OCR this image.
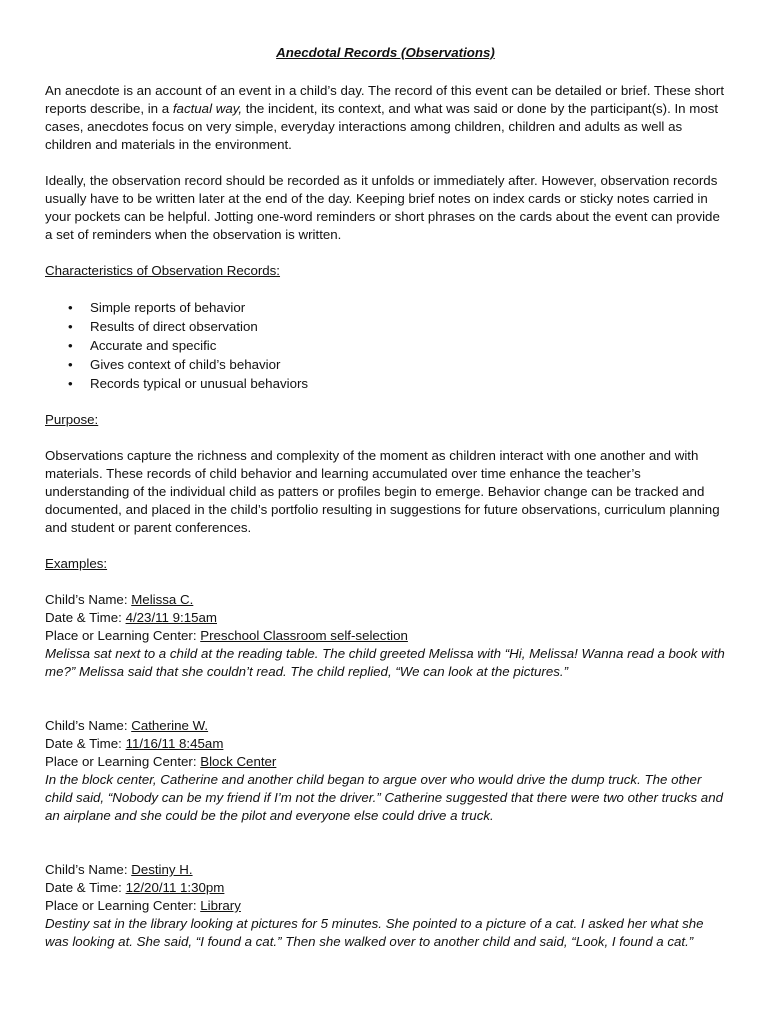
Anecdotal Records (Observations)

An anecdote is an account of an event in a child’s day. The record of this event can be detailed or brief. These short reports describe, in a factual way, the incident, its context, and what was said or done by the participant(s). In most cases, anecdotes focus on very simple, everyday interactions among children, children and adults as well as children and materials in the environment.

Ideally, the observation record should be recorded as it unfolds or immediately after. However, observation records usually have to be written later at the end of the day. Keeping brief notes on index cards or sticky notes carried in your pockets can be helpful. Jotting one-word reminders or short phrases on the cards about the event can provide a set of reminders when the observation is written.

Characteristics of Observation Records:
• Simple reports of behavior
• Results of direct observation
• Accurate and specific
• Gives context of child’s behavior
• Records typical or unusual behaviors
Purpose:

Observations capture the richness and complexity of the moment as children interact with one another and with materials. These records of child behavior and learning accumulated over time enhance the teacher’s understanding of the individual child as patters or profiles begin to emerge. Behavior change can be tracked and documented, and placed in the child’s portfolio resulting in suggestions for future observations, curriculum planning and student or parent conferences.

Examples:
Child’s Name: Melissa C.
Date & Time: 4/23/11 9:15am
Place or Learning Center: Preschool Classroom self-selection
Melissa sat next to a child at the reading table. The child greeted Melissa with “Hi, Melissa! Wanna read a book with me?” Melissa said that she couldn’t read. The child replied, “We can look at the pictures.”
Child’s Name: Catherine W.
Date & Time: 11/16/11 8:45am
Place or Learning Center: Block Center
In the block center, Catherine and another child began to argue over who would drive the dump truck. The other child said, “Nobody can be my friend if I’m not the driver.” Catherine suggested that there were two other trucks and an airplane and she could be the pilot and everyone else could drive a truck.
Child’s Name: Destiny H.
Date & Time: 12/20/11 1:30pm
Place or Learning Center: Library
Destiny sat in the library looking at pictures for 5 minutes. She pointed to a picture of a cat. I asked her what she was looking at. She said, “I found a cat.” Then she walked over to another child and said, “Look, I found a cat.”
